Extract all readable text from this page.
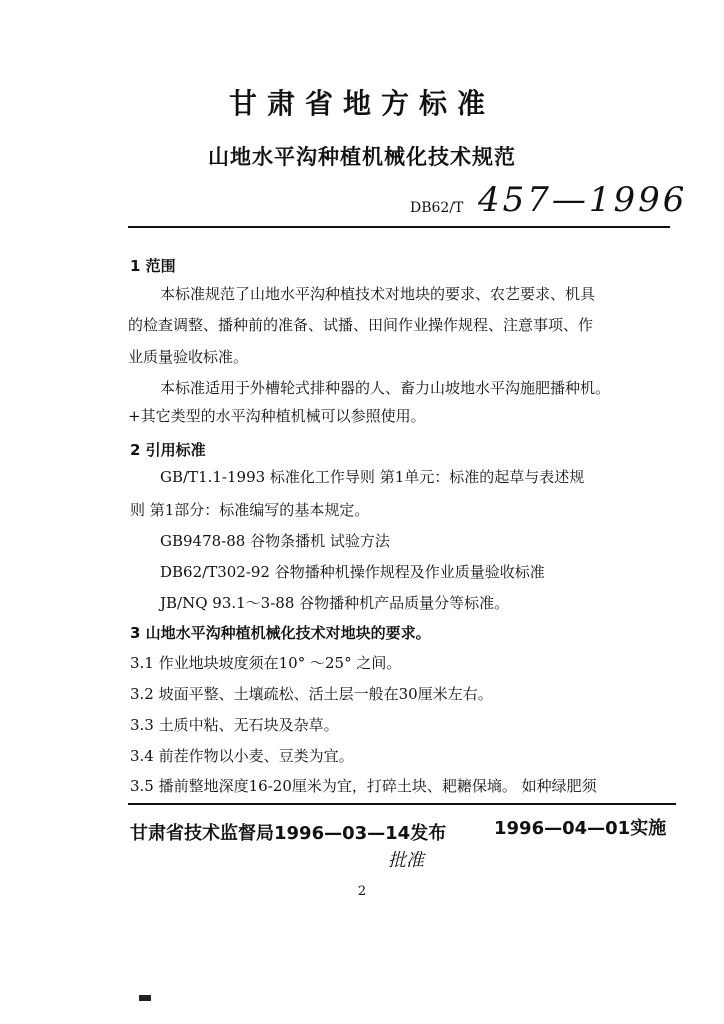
甘肃省地方标准
山地水平沟种植机械化技术规范
DB62/T 457—1996
1 范围
本标准规范了山地水平沟种植技术对地块的要求、农艺要求、机具
的检查调整、播种前的准备、试播、田间作业操作规程、注意事项、作
业质量验收标准。
本标准适用于外槽轮式排种器的人、畜力山坡地水平沟施肥播种机。
+其它类型的水平沟种植机械可以参照使用。
2 引用标准
GB/T1.1-1993 标准化工作导则 第1单元：标准的起草与表述规
则 第1部分：标准编写的基本规定。
GB9478-88 谷物条播机 试验方法
DB62/T302-92 谷物播种机操作规程及作业质量验收标准
JB/NQ 93.1～3-88 谷物播种机产品质量分等标准。
3 山地水平沟种植机械化技术对地块的要求。
3.1 作业地块坡度须在10° ～25° 之间。
3.2 坡面平整、土壤疏松、活土层一般在30厘米左右。
3.3 土质中粘、无石块及杂草。
3.4 前茬作物以小麦、豆类为宜。
3.5 播前整地深度16-20厘米为宜，打碎土块、耙耱保墒。 如种绿肥须
甘肃省技术监督局1996—03—14发布	1996—04—01实施
批准
2
